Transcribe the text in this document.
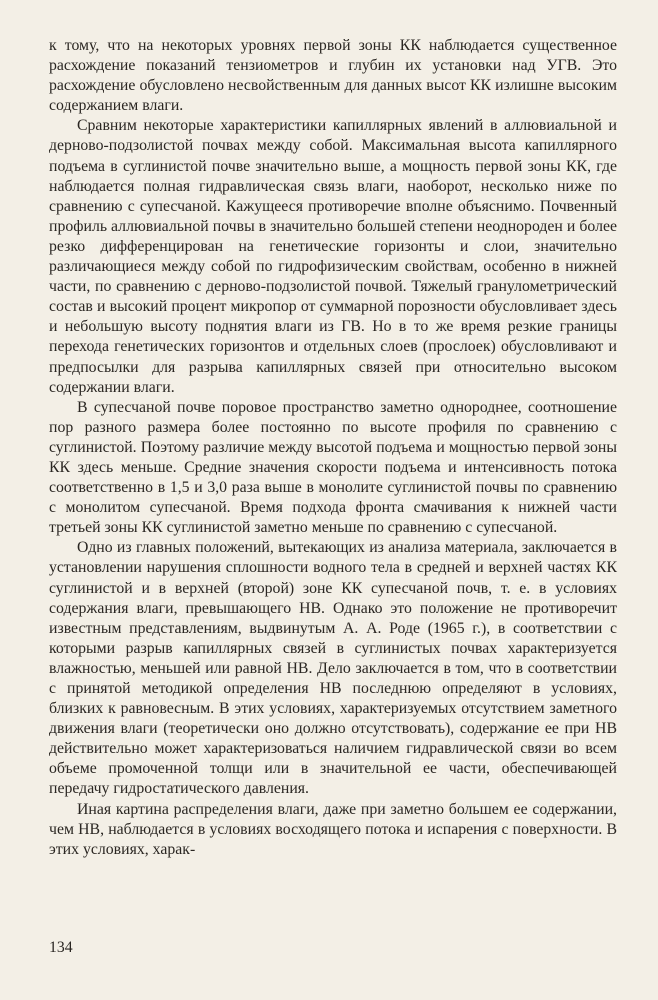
к тому, что на некоторых уровнях первой зоны КК наблюдается существенное расхождение показаний тензиометров и глубин их установки над УГВ. Это расхождение обусловлено несвойственным для данных высот КК излишне высоким содержанием влаги.

Сравним некоторые характеристики капиллярных явлений в аллювиальной и дерново-подзолистой почвах между собой. Максимальная высота капиллярного подъема в суглинистой почве значительно выше, а мощность первой зоны КК, где наблюдается полная гидравлическая связь влаги, наоборот, несколько ниже по сравнению с супесчаной. Кажущееся противоречие вполне объяснимо. Почвенный профиль аллювиальной почвы в значительно большей степени неоднороден и более резко дифференцирован на генетические горизонты и слои, значительно различающиеся между собой по гидрофизическим свойствам, особенно в нижней части, по сравнению с дерново-подзолистой почвой. Тяжелый гранулометрический состав и высокий процент микропор от суммарной порозности обусловливает здесь и небольшую высоту поднятия влаги из ГВ. Но в то же время резкие границы перехода генетических горизонтов и отдельных слоев (прослоек) обусловливают и предпосылки для разрыва капиллярных связей при относительно высоком содержании влаги.

В супесчаной почве поровое пространство заметно однороднее, соотношение пор разного размера более постоянно по высоте профиля по сравнению с суглинистой. Поэтому различие между высотой подъема и мощностью первой зоны КК здесь меньше. Средние значения скорости подъема и интенсивность потока соответственно в 1,5 и 3,0 раза выше в монолите суглинистой почвы по сравнению с монолитом супесчаной. Время подхода фронта смачивания к нижней части третьей зоны КК суглинистой заметно меньше по сравнению с супесчаной.

Одно из главных положений, вытекающих из анализа материала, заключается в установлении нарушения сплошности водного тела в средней и верхней частях КК суглинистой и в верхней (второй) зоне КК супесчаной почв, т. е. в условиях содержания влаги, превышающего НВ. Однако это положение не противоречит известным представлениям, выдвинутым А. А. Роде (1965 г.), в соответствии с которыми разрыв капиллярных связей в суглинистых почвах характеризуется влажностью, меньшей или равной НВ. Дело заключается в том, что в соответствии с принятой методикой определения НВ последнюю определяют в условиях, близких к равновесным. В этих условиях, характеризуемых отсутствием заметного движения влаги (теоретически оно должно отсутствовать), содержание ее при НВ действительно может характеризоваться наличием гидравлической связи во всем объеме промоченной толщи или в значительной ее части, обеспечивающей передачу гидростатического давления.

Иная картина распределения влаги, даже при заметно большем ее содержании, чем НВ, наблюдается в условиях восходящего потока и испарения с поверхности. В этих условиях, харак-

134
